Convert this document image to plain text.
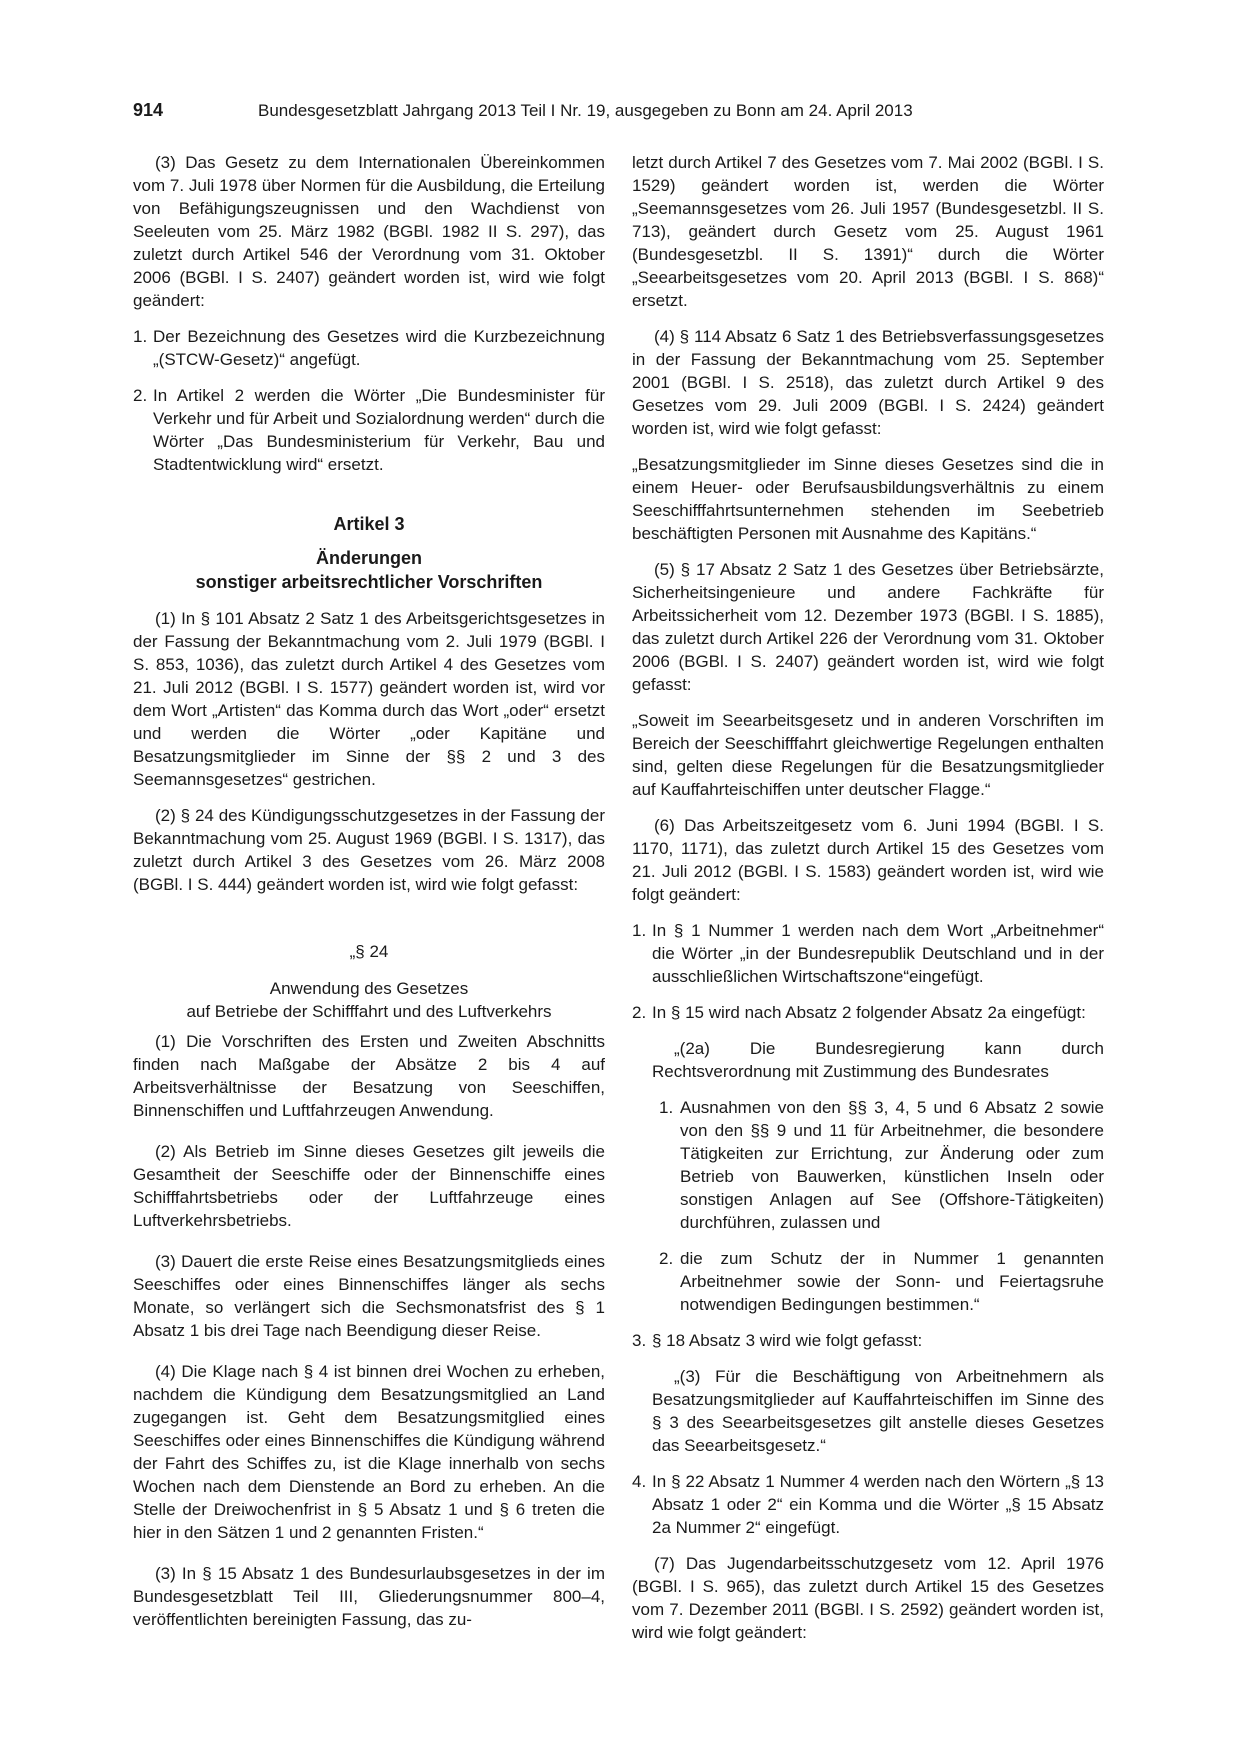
914	Bundesgesetzblatt Jahrgang 2013 Teil I Nr. 19, ausgegeben zu Bonn am 24. April 2013

(3) Das Gesetz zu dem Internationalen Übereinkommen vom 7. Juli 1978 über Normen für die Ausbildung, die Erteilung von Befähigungszeugnissen und den Wachdienst von Seeleuten vom 25. März 1982 (BGBl. 1982 II S. 297), das zuletzt durch Artikel 546 der Verordnung vom 31. Oktober 2006 (BGBl. I S. 2407) geändert worden ist, wird wie folgt geändert:

1. Der Bezeichnung des Gesetzes wird die Kurzbezeichnung „(STCW-Gesetz)“ angefügt.
2. In Artikel 2 werden die Wörter „Die Bundesminister für Verkehr und für Arbeit und Sozialordnung werden“ durch die Wörter „Das Bundesministerium für Verkehr, Bau und Stadtentwicklung wird“ ersetzt.

Artikel 3

Änderungen

sonstiger arbeitsrechtlicher Vorschriften

(1) In § 101 Absatz 2 Satz 1 des Arbeitsgerichtsgesetzes in der Fassung der Bekanntmachung vom 2. Juli 1979 (BGBl. I S. 853, 1036), das zuletzt durch Artikel 4 des Gesetzes vom 21. Juli 2012 (BGBl. I S. 1577) geändert worden ist, wird vor dem Wort „Artisten“ das Komma durch das Wort „oder“ ersetzt und werden die Wörter „oder Kapitäne und Besatzungsmitglieder im Sinne der §§ 2 und 3 des Seemannsgesetzes“ gestrichen.

(2) § 24 des Kündigungsschutzgesetzes in der Fassung der Bekanntmachung vom 25. August 1969 (BGBl. I S. 1317), das zuletzt durch Artikel 3 des Gesetzes vom 26. März 2008 (BGBl. I S. 444) geändert worden ist, wird wie folgt gefasst:

„§ 24

Anwendung des Gesetzes

auf Betriebe der Schifffahrt und des Luftverkehrs

(1) Die Vorschriften des Ersten und Zweiten Abschnitts finden nach Maßgabe der Absätze 2 bis 4 auf Arbeitsverhältnisse der Besatzung von Seeschiffen, Binnenschiffen und Luftfahrzeugen Anwendung.

(2) Als Betrieb im Sinne dieses Gesetzes gilt jeweils die Gesamtheit der Seeschiffe oder der Binnenschiffe eines Schifffahrtsbetriebs oder der Luftfahrzeuge eines Luftverkehrsbetriebs.

(3) Dauert die erste Reise eines Besatzungsmitglieds eines Seeschiffes oder eines Binnenschiffes länger als sechs Monate, so verlängert sich die Sechsmonatsfrist des § 1 Absatz 1 bis drei Tage nach Beendigung dieser Reise.

(4) Die Klage nach § 4 ist binnen drei Wochen zu erheben, nachdem die Kündigung dem Besatzungsmitglied an Land zugegangen ist. Geht dem Besatzungsmitglied eines Seeschiffes oder eines Binnenschiffes die Kündigung während der Fahrt des Schiffes zu, ist die Klage innerhalb von sechs Wochen nach dem Dienstende an Bord zu erheben. An die Stelle der Dreiwochenfrist in § 5 Absatz 1 und § 6 treten die hier in den Sätzen 1 und 2 genannten Fristen.“

(3) In § 15 Absatz 1 des Bundesurlaubsgesetzes in der im Bundesgesetzblatt Teil III, Gliederungsnummer 800–4, veröffentlichten bereinigten Fassung, das zu-

letzt durch Artikel 7 des Gesetzes vom 7. Mai 2002 (BGBl. I S. 1529) geändert worden ist, werden die Wörter „Seemannsgesetzes vom 26. Juli 1957 (Bundesgesetzbl. II S. 713), geändert durch Gesetz vom 25. August 1961 (Bundesgesetzbl. II S. 1391)“ durch die Wörter „Seearbeitsgesetzes vom 20. April 2013 (BGBl. I S. 868)“ ersetzt.

(4) § 114 Absatz 6 Satz 1 des Betriebsverfassungsgesetzes in der Fassung der Bekanntmachung vom 25. September 2001 (BGBl. I S. 2518), das zuletzt durch Artikel 9 des Gesetzes vom 29. Juli 2009 (BGBl. I S. 2424) geändert worden ist, wird wie folgt gefasst:

„Besatzungsmitglieder im Sinne dieses Gesetzes sind die in einem Heuer- oder Berufsausbildungsverhältnis zu einem Seeschifffahrtsunternehmen stehenden im Seebetrieb beschäftigten Personen mit Ausnahme des Kapitäns.“

(5) § 17 Absatz 2 Satz 1 des Gesetzes über Betriebsärzte, Sicherheitsingenieure und andere Fachkräfte für Arbeitssicherheit vom 12. Dezember 1973 (BGBl. I S. 1885), das zuletzt durch Artikel 226 der Verordnung vom 31. Oktober 2006 (BGBl. I S. 2407) geändert worden ist, wird wie folgt gefasst:

„Soweit im Seearbeitsgesetz und in anderen Vorschriften im Bereich der Seeschifffahrt gleichwertige Regelungen enthalten sind, gelten diese Regelungen für die Besatzungsmitglieder auf Kauffahrteischiffen unter deutscher Flagge.“

(6) Das Arbeitszeitgesetz vom 6. Juni 1994 (BGBl. I S. 1170, 1171), das zuletzt durch Artikel 15 des Gesetzes vom 21. Juli 2012 (BGBl. I S. 1583) geändert worden ist, wird wie folgt geändert:

1. In § 1 Nummer 1 werden nach dem Wort „Arbeitnehmer“ die Wörter „in der Bundesrepublik Deutschland und in der ausschließlichen Wirtschaftszone“eingefügt.
2. In § 15 wird nach Absatz 2 folgender Absatz 2a eingefügt:

„(2a) Die Bundesregierung kann durch Rechtsverordnung mit Zustimmung des Bundesrates

1. Ausnahmen von den §§ 3, 4, 5 und 6 Absatz 2 sowie von den §§ 9 und 11 für Arbeitnehmer, die besondere Tätigkeiten zur Errichtung, zur Änderung oder zum Betrieb von Bauwerken, künstlichen Inseln oder sonstigen Anlagen auf See (Offshore-Tätigkeiten) durchführen, zulassen und
2. die zum Schutz der in Nummer 1 genannten Arbeitnehmer sowie der Sonn- und Feiertagsruhe notwendigen Bedingungen bestimmen.“
3. § 18 Absatz 3 wird wie folgt gefasst:

„(3) Für die Beschäftigung von Arbeitnehmern als Besatzungsmitglieder auf Kauffahrteischiffen im Sinne des § 3 des Seearbeitsgesetzes gilt anstelle dieses Gesetzes das Seearbeitsgesetz.“

4. In § 22 Absatz 1 Nummer 4 werden nach den Wörtern „§ 13 Absatz 1 oder 2“ ein Komma und die Wörter „§ 15 Absatz 2a Nummer 2“ eingefügt.

(7) Das Jugendarbeitsschutzgesetz vom 12. April 1976 (BGBl. I S. 965), das zuletzt durch Artikel 15 des Gesetzes vom 7. Dezember 2011 (BGBl. I S. 2592) geändert worden ist, wird wie folgt geändert:
